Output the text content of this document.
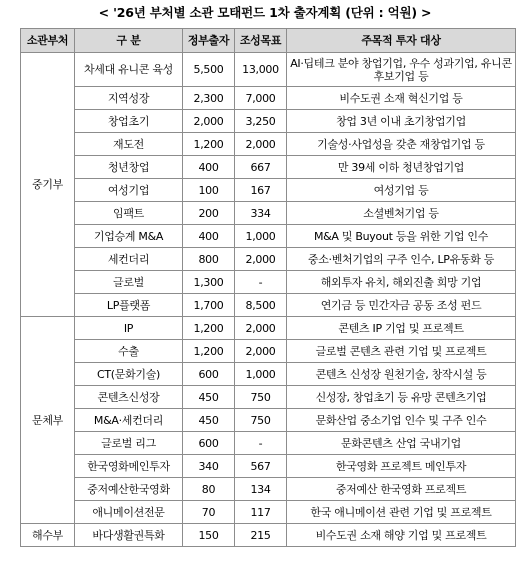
< '26년 부처별 소관 모태펀드 1차 출자계획 (단위 : 억원) >
소관부처	구 분	정부출자	조성목표	주목적 투자 대상
중기부	차세대 유니콘 육성	5,500	13,000	AI·딥테크 분야 창업기업, 우수 성과기업, 유니콘 후보기업 등
	지역성장	2,300	7,000	비수도권 소재 혁신기업 등
	창업초기	2,000	3,250	창업 3년 이내 초기창업기업
	재도전	1,200	2,000	기술성·사업성을 갖춘 재창업기업 등
	청년창업	400	667	만 39세 이하 청년창업기업
	여성기업	100	167	여성기업 등
	임팩트	200	334	소셜벤처기업 등
	기업승계 M&A	400	1,000	M&A 및 Buyout 등을 위한 기업 인수
	세컨더리	800	2,000	중소·벤처기업의 구주 인수, LP유동화 등
	글로벌	1,300	-	해외투자 유치, 해외진출 희망 기업
	LP플랫폼	1,700	8,500	연기금 등 민간자금 공동 조성 펀드
문체부	IP	1,200	2,000	콘텐츠 IP 기업 및 프로젝트
	수출	1,200	2,000	글로벌 콘텐츠 관련 기업 및 프로젝트
	CT(문화기술)	600	1,000	콘텐츠 신성장 원천기술, 창작시설 등
	콘텐츠신성장	450	750	신성장, 창업초기 등 유망 콘텐츠기업
	M&A·세컨더리	450	750	문화산업 중소기업 인수 및 구주 인수
	글로벌 리그	600	-	문화콘텐츠 산업 국내기업
	한국영화메인투자	340	567	한국영화 프로젝트 메인투자
	중저예산한국영화	80	134	중저예산 한국영화 프로젝트
	애니메이션전문	70	117	한국 애니메이션 관련 기업 및 프로젝트
해수부	바다생활권특화	150	215	비수도권 소재 해양 기업 및 프로젝트
